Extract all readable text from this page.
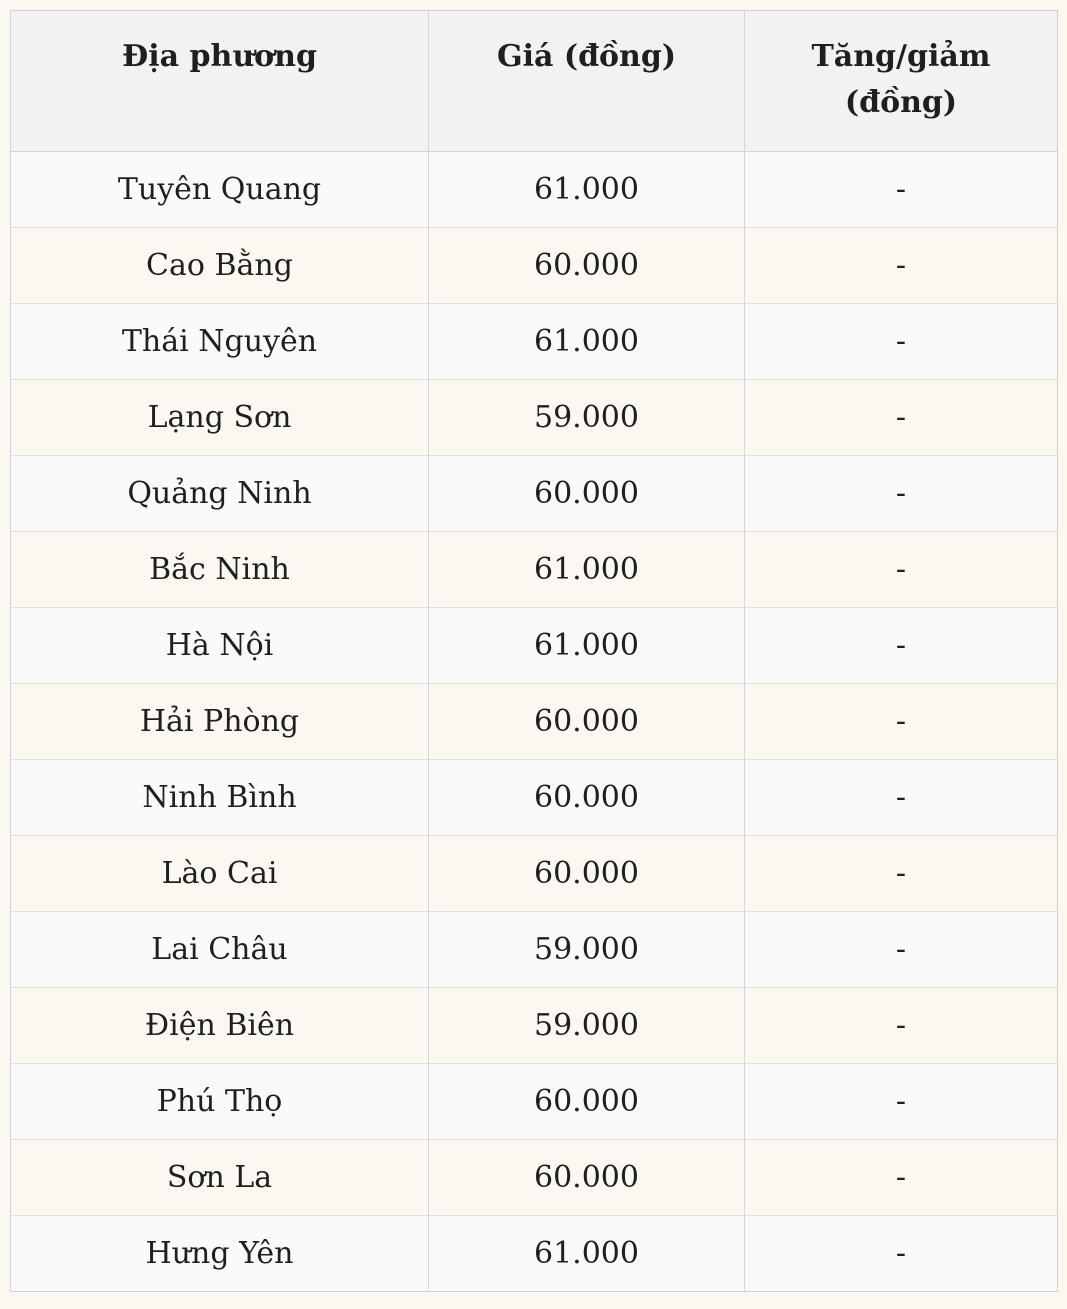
Địa phương	Giá (đồng)	Tăng/giảm
(đồng)

Tuyên Quang	61.000	-
Cao Bằng	60.000	-
Thái Nguyên	61.000	-
Lạng Sơn	59.000	-
Quảng Ninh	60.000	-
Bắc Ninh	61.000	-
Hà Nội	61.000	-
Hải Phòng	60.000	-
Ninh Bình	60.000	-
Lào Cai	60.000	-
Lai Châu	59.000	-
Điện Biên	59.000	-
Phú Thọ	60.000	-
Sơn La	60.000	-
Hưng Yên	61.000	-
